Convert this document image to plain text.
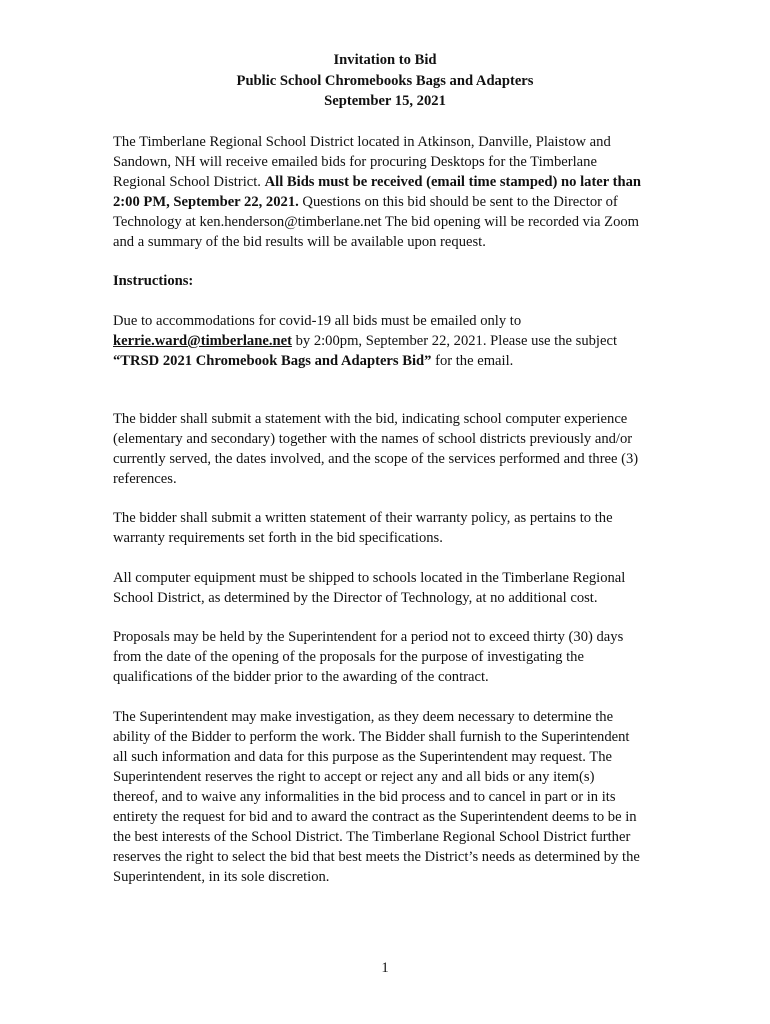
Invitation to Bid
Public School Chromebooks Bags and Adapters
September 15, 2021

The Timberlane Regional School District located in Atkinson, Danville, Plaistow and Sandown, NH will receive emailed bids for procuring Desktops for the Timberlane Regional School District. All Bids must be received (email time stamped) no later than 2:00 PM, September 22, 2021. Questions on this bid should be sent to the Director of Technology at ken.henderson@timberlane.net The bid opening will be recorded via Zoom and a summary of the bid results will be available upon request.

Instructions:

Due to accommodations for covid-19 all bids must be emailed only to
kerrie.ward@timberlane.net by 2:00pm, September 22, 2021. Please use the subject “TRSD 2021 Chromebook Bags and Adapters Bid” for the email.

The bidder shall submit a statement with the bid, indicating school computer experience (elementary and secondary) together with the names of school districts previously and/or currently served, the dates involved, and the scope of the services performed and three (3) references.

The bidder shall submit a written statement of their warranty policy, as pertains to the warranty requirements set forth in the bid specifications.

All computer equipment must be shipped to schools located in the Timberlane Regional School District, as determined by the Director of Technology, at no additional cost.

Proposals may be held by the Superintendent for a period not to exceed thirty (30) days from the date of the opening of the proposals for the purpose of investigating the qualifications of the bidder prior to the awarding of the contract.

The Superintendent may make investigation, as they deem necessary to determine the ability of the Bidder to perform the work. The Bidder shall furnish to the Superintendent all such information and data for this purpose as the Superintendent may request. The Superintendent reserves the right to accept or reject any and all bids or any item(s) thereof, and to waive any informalities in the bid process and to cancel in part or in its entirety the request for bid and to award the contract as the Superintendent deems to be in the best interests of the School District. The Timberlane Regional School District further reserves the right to select the bid that best meets the District’s needs as determined by the Superintendent, in its sole discretion.

1
